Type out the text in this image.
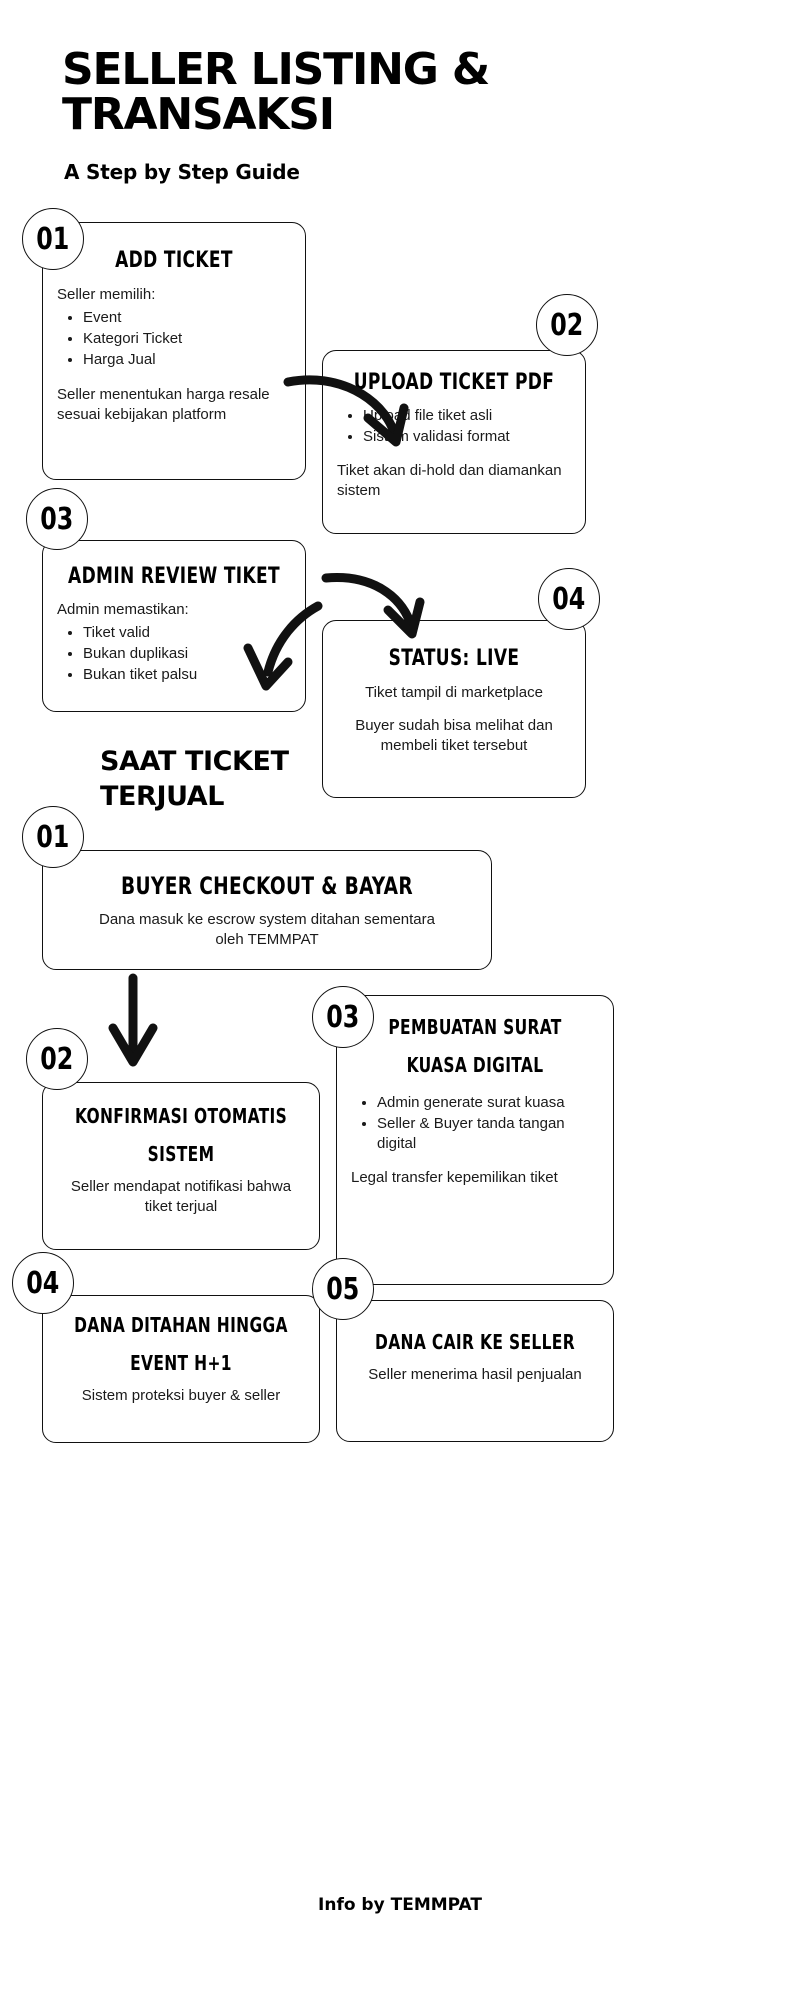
SELLER LISTING &
TRANSAKSI
A Step by Step Guide
ADD TICKET
Seller memilih:
• Event
• Kategori Ticket
• Harga Jual
Seller menentukan harga resale sesuai kebijakan platform
01
UPLOAD TICKET PDF
• Upload file tiket asli
• Sistem validasi format
Tiket akan di-hold dan diamankan sistem
02
ADMIN REVIEW TIKET
Admin memastikan:
• Tiket valid
• Bukan duplikasi
• Bukan tiket palsu
03
STATUS: LIVE
Tiket tampil di marketplace
Buyer sudah bisa melihat dan membeli tiket tersebut
04
SAAT TICKET
TERJUAL
BUYER CHECKOUT & BAYAR
Dana masuk ke escrow system ditahan sementara oleh TEMMPAT
01
KONFIRMASI OTOMATIS
SISTEM
Seller mendapat notifikasi bahwa tiket terjual
02
PEMBUATAN SURAT
KUASA DIGITAL
• Admin generate surat kuasa
• Seller & Buyer tanda tangan digital
Legal transfer kepemilikan tiket
03
DANA DITAHAN HINGGA
EVENT H+1
Sistem proteksi buyer & seller
04
DANA CAIR KE SELLER
Seller menerima hasil penjualan
05
Info by TEMMPAT
